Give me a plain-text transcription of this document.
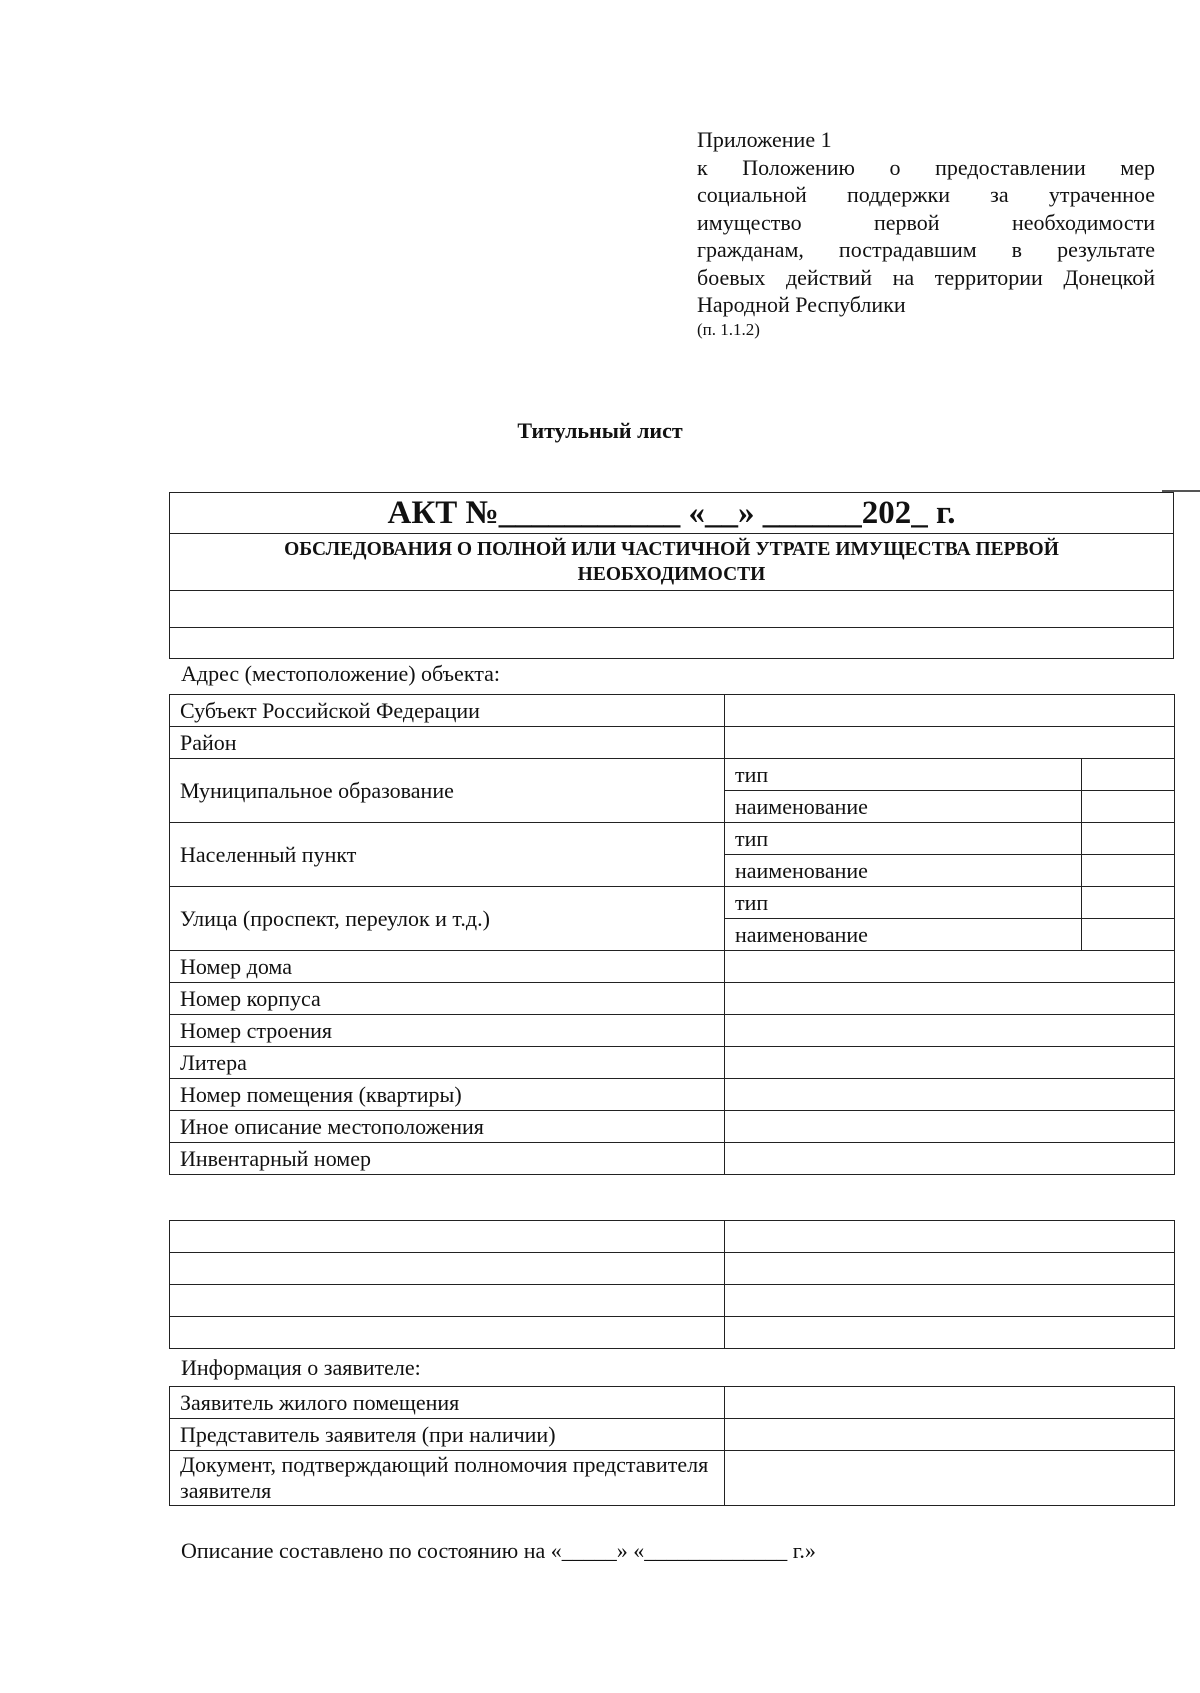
Приложение 1
к Положению о предоставлении мер
социальной поддержки за утраченное
имущество первой необходимости
гражданам, пострадавшим в результате
боевых действий на территории Донецкой
Народной Республики
(п. 1.1.2)
Титульный лист
АКТ №___________ «__» ______202_ г.
ОБСЛЕДОВАНИЯ О ПОЛНОЙ ИЛИ ЧАСТИЧНОЙ УТРАТЕ ИМУЩЕСТВА ПЕРВОЙ НЕОБХОДИМОСТИ

Адрес (местоположение) объекта:
Субъект Российской Федерации		
Район		
Муниципальное образование	тип	
	наименование	
Населенный пункт	тип	
	наименование	
Улица (проспект, переулок и т.д.)	тип	
	наименование	
Номер дома		
Номер корпуса		
Номер строения		
Литера		
Номер помещения (квартиры)		
Иное описание местоположения		
Инвентарный номер		

Информация о заявителе:
Заявитель жилого помещения	
Представитель заявителя (при наличии)	
Документ, подтверждающий полномочия представителя заявителя	
Описание составлено по состоянию на «_____» «_____________ г.»
